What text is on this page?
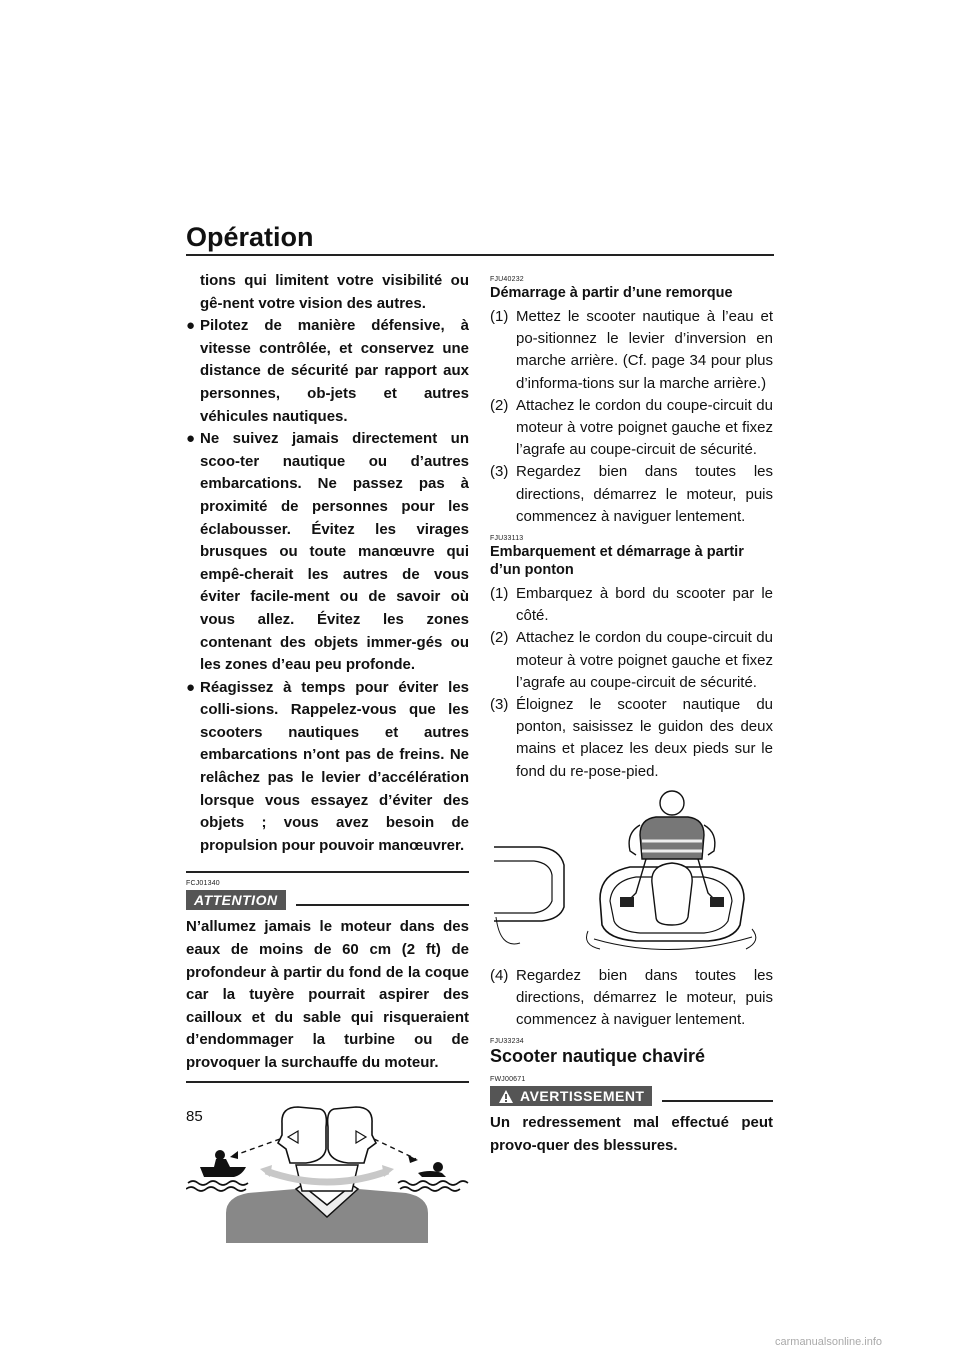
Opération
tions qui limitent votre visibilité ou gê-nent votre vision des autres.
● Pilotez de manière défensive, à vitesse contrôlée, et conservez une distance de sécurité par rapport aux personnes, ob-jets et autres véhicules nautiques.
● Ne suivez jamais directement un scoo-ter nautique ou d’autres embarcations. Ne passez pas à proximité de personnes pour les éclabousser. Évitez les virages brusques ou toute manœuvre qui empê-cherait les autres de vous éviter facile-ment ou de savoir où vous allez. Évitez les zones contenant des objets immer-gés ou les zones d’eau peu profonde.
● Réagissez à temps pour éviter les colli-sions. Rappelez-vous que les scooters nautiques et autres embarcations n’ont pas de freins. Ne relâchez pas le levier d’accélération lorsque vous essayez d’éviter des objets ; vous avez besoin de propulsion pour pouvoir manœuvrer.

FCJ01340

ATTENTION

N’allumez jamais le moteur dans des eaux de moins de 60 cm (2 ft) de profondeur à partir du fond de la coque car la tuyère pourrait aspirer des cailloux et du sable qui risqueraient d’endommager la turbine ou de provoquer la surchauffe du moteur.

FJU40232

Démarrage à partir d’une remorque
(1) Mettez le scooter nautique à l’eau et po-sitionnez le levier d’inversion en marche arrière. (Cf. page 34 pour plus d’informa-tions sur la marche arrière.)
(2) Attachez le cordon du coupe-circuit du moteur à votre poignet gauche et fixez l’agrafe au coupe-circuit de sécurité.
(3) Regardez bien dans toutes les directions, démarrez le moteur, puis commencez à naviguer lentement.

FJU33113

Embarquement et démarrage à partir d’un ponton
(1) Embarquez à bord du scooter par le côté.
(2) Attachez le cordon du coupe-circuit du moteur à votre poignet gauche et fixez l’agrafe au coupe-circuit de sécurité.
(3) Éloignez le scooter nautique du ponton, saisissez le guidon des deux mains et placez les deux pieds sur le fond du re-pose-pied.
(4) Regardez bien dans toutes les directions, démarrez le moteur, puis commencez à naviguer lentement.

FJU33234

Scooter nautique chaviré

FWJ00671

AVERTISSEMENT

Un redressement mal effectué peut provo-quer des blessures.

85
carmanualsonline.info
